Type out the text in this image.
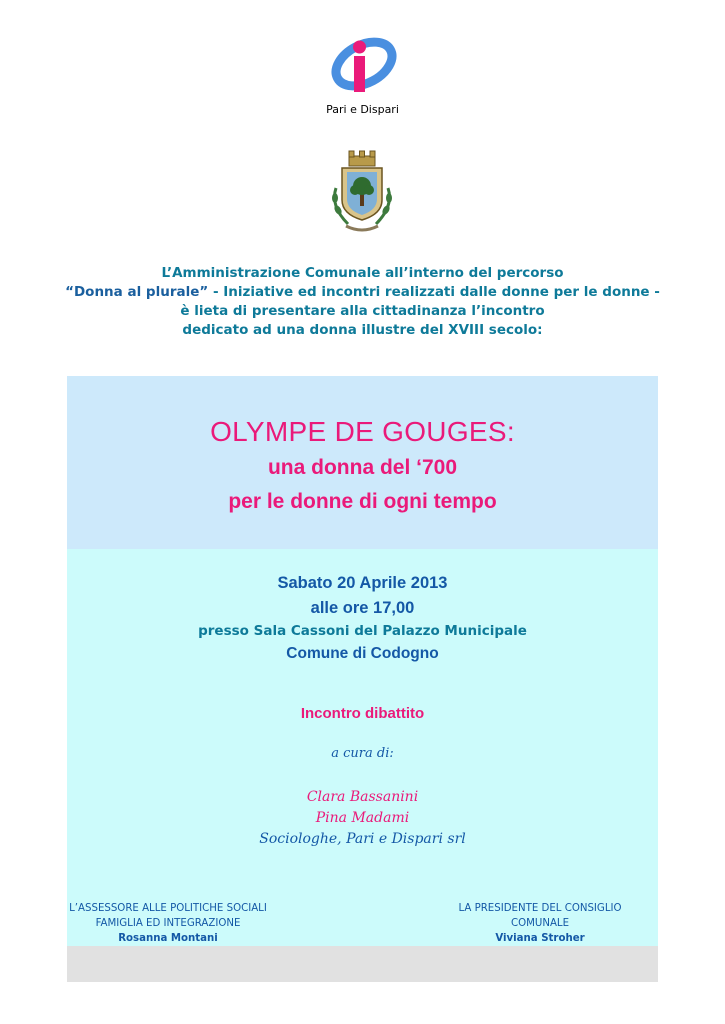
Pari e Dispari
L’Amministrazione Comunale all’interno del percorso
“Donna al plurale” - Iniziative ed incontri realizzati dalle donne per le donne -
è lieta di presentare alla cittadinanza l’incontro
dedicato ad una donna illustre del XVIII secolo:
OLYMPE DE GOUGES:
una donna del ‘700
per le donne di ogni tempo
Sabato 20 Aprile 2013
alle ore 17,00
presso Sala Cassoni del Palazzo Municipale
Comune di Codogno
Incontro dibattito
a cura di:
Clara Bassanini
Pina Madami
Sociologhe, Pari e Dispari srl
L’ASSESSORE ALLE POLITICHE SOCIALI
FAMIGLIA ED INTEGRAZIONE
Rosanna Montani
LA PRESIDENTE DEL CONSIGLIO
COMUNALE
Viviana Stroher
